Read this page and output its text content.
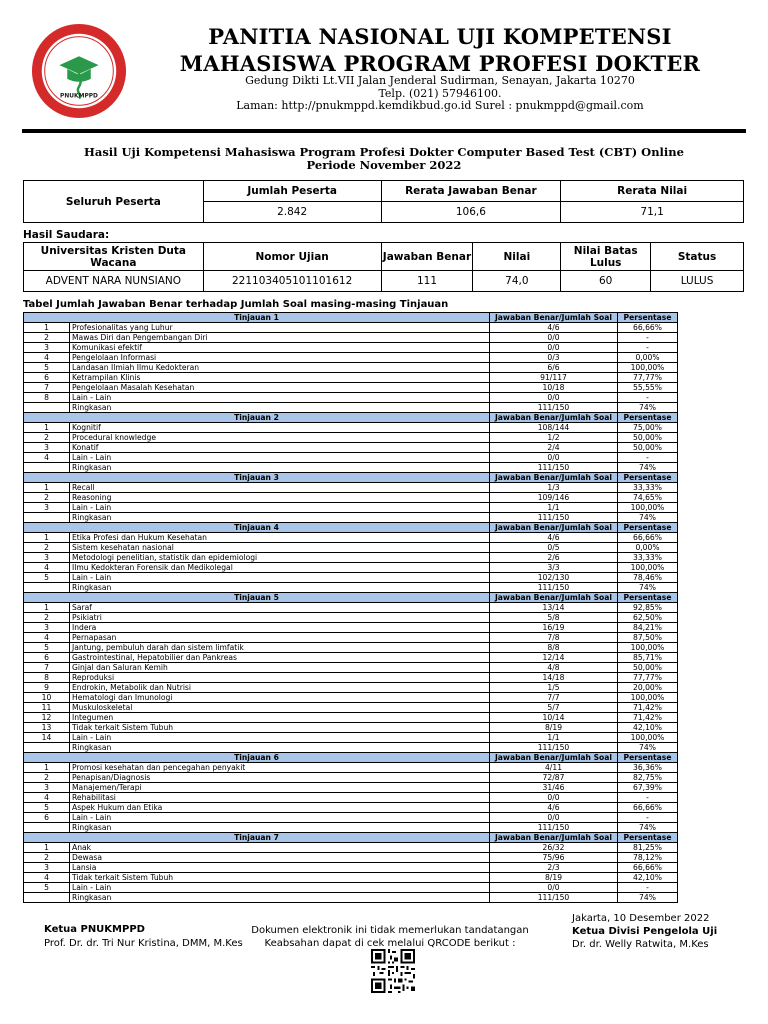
PNUKMPPD
PANITIA NASIONAL UJI KOMPETENSI
MAHASISWA PROGRAM PROFESI DOKTER
Gedung Dikti Lt.VII Jalan Jenderal Sudirman, Senayan, Jakarta 10270
Telp. (021) 57946100.
Laman: http://pnukmppd.kemdikbud.go.id Surel : pnukmppd@gmail.com
Hasil Uji Kompetensi Mahasiswa Program Profesi Dokter Computer Based Test (CBT) Online
Periode November 2022
Seluruh Peserta	Jumlah Peserta	Rerata Jawaban Benar	Rerata Nilai
	2.842	106,6	71,1
Hasil Saudara:
Universitas Kristen Duta Wacana	Nomor Ujian	Jawaban Benar	Nilai	Nilai Batas Lulus	Status
ADVENT NARA NUNSIANO	221103405101101612	111	74,0	60	LULUS
Tabel Jumlah Jawaban Benar terhadap Jumlah Soal masing-masing Tinjauan
Tinjauan 1		Jawaban Benar/Jumlah Soal	Persentase
1	Profesionalitas yang Luhur	4/6	66,66%
2	Mawas Diri dan Pengembangan Diri	0/0	-
3	Komunikasi efektif	0/0	-
4	Pengelolaan Informasi	0/3	0,00%
5	Landasan Ilmiah Ilmu Kedokteran	6/6	100,00%
6	Ketrampilan Klinis	91/117	77,77%
7	Pengelolaan Masalah Kesehatan	10/18	55,55%
8	Lain - Lain	0/0	-
	Ringkasan	111/150	74%
Tinjauan 2		Jawaban Benar/Jumlah Soal	Persentase
1	Kognitif	108/144	75,00%
2	Procedural knowledge	1/2	50,00%
3	Konatif	2/4	50,00%
4	Lain - Lain	0/0	-
	Ringkasan	111/150	74%
Tinjauan 3		Jawaban Benar/Jumlah Soal	Persentase
1	Recall	1/3	33,33%
2	Reasoning	109/146	74,65%
3	Lain - Lain	1/1	100,00%
	Ringkasan	111/150	74%
Tinjauan 4		Jawaban Benar/Jumlah Soal	Persentase
1	Etika Profesi dan Hukum Kesehatan	4/6	66,66%
2	Sistem kesehatan nasional	0/5	0,00%
3	Metodologi penelitian, statistik dan epidemiologi	2/6	33,33%
4	Ilmu Kedokteran Forensik dan Medikolegal	3/3	100,00%
5	Lain - Lain	102/130	78,46%
	Ringkasan	111/150	74%
Tinjauan 5		Jawaban Benar/Jumlah Soal	Persentase
1	Saraf	13/14	92,85%
2	Psikiatri	5/8	62,50%
3	Indera	16/19	84,21%
4	Pernapasan	7/8	87,50%
5	Jantung, pembuluh darah dan sistem limfatik	8/8	100,00%
6	Gastrointestinal, Hepatobilier dan Pankreas	12/14	85,71%
7	Ginjal dan Saluran Kemih	4/8	50,00%
8	Reproduksi	14/18	77,77%
9	Endrokin, Metabolik dan Nutrisi	1/5	20,00%
10	Hematologi dan Imunologi	7/7	100,00%
11	Muskuloskeletal	5/7	71,42%
12	Integumen	10/14	71,42%
13	Tidak terkait Sistem Tubuh	8/19	42,10%
14	Lain - Lain	1/1	100,00%
	Ringkasan	111/150	74%
Tinjauan 6		Jawaban Benar/Jumlah Soal	Persentase
1	Promosi kesehatan dan pencegahan penyakit	4/11	36,36%
2	Penapisan/Diagnosis	72/87	82,75%
3	Manajemen/Terapi	31/46	67,39%
4	Rehabilitasi	0/0	-
5	Aspek Hukum dan Etika	4/6	66,66%
6	Lain - Lain	0/0	-
	Ringkasan	111/150	74%
Tinjauan 7		Jawaban Benar/Jumlah Soal	Persentase
1	Anak	26/32	81,25%
2	Dewasa	75/96	78,12%
3	Lansia	2/3	66,66%
4	Tidak terkait Sistem Tubuh	8/19	42,10%
5	Lain - Lain	0/0	-
	Ringkasan	111/150	74%
Ketua PNUKMPPD
Prof. Dr. dr. Tri Nur Kristina, DMM, M.Kes
Dokumen elektronik ini tidak memerlukan tandatangan
Keabsahan dapat di cek melalui QRCODE berikut :
Jakarta, 10 Desember 2022
Ketua Divisi Pengelola Uji
Dr. dr. Welly Ratwita, M.Kes
